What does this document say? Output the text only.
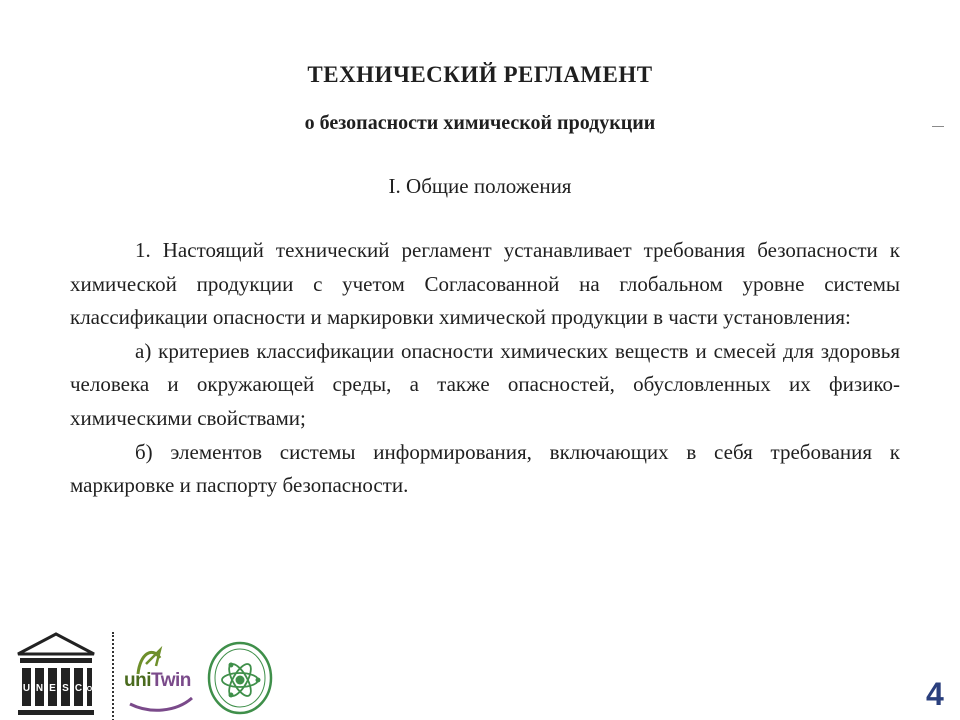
ТЕХНИЧЕСКИЙ РЕГЛАМЕНТ
о безопасности химической продукции
I. Общие положения

1. Настоящий технический регламент устанавливает требования безопасности к химической продукции с учетом Согласованной на глобальном уровне системы классификации опасности и маркировки химической продукции в части установления:

а) критериев классификации опасности химических веществ и смесей для здоровья человека и окружающей среды, а также опасностей, обусловленных их физико-химическими свойствами;

б) элементов системы информирования, включающих в себя требования к маркировке и паспорту безопасности.

U N E S C O uniTwin	4
